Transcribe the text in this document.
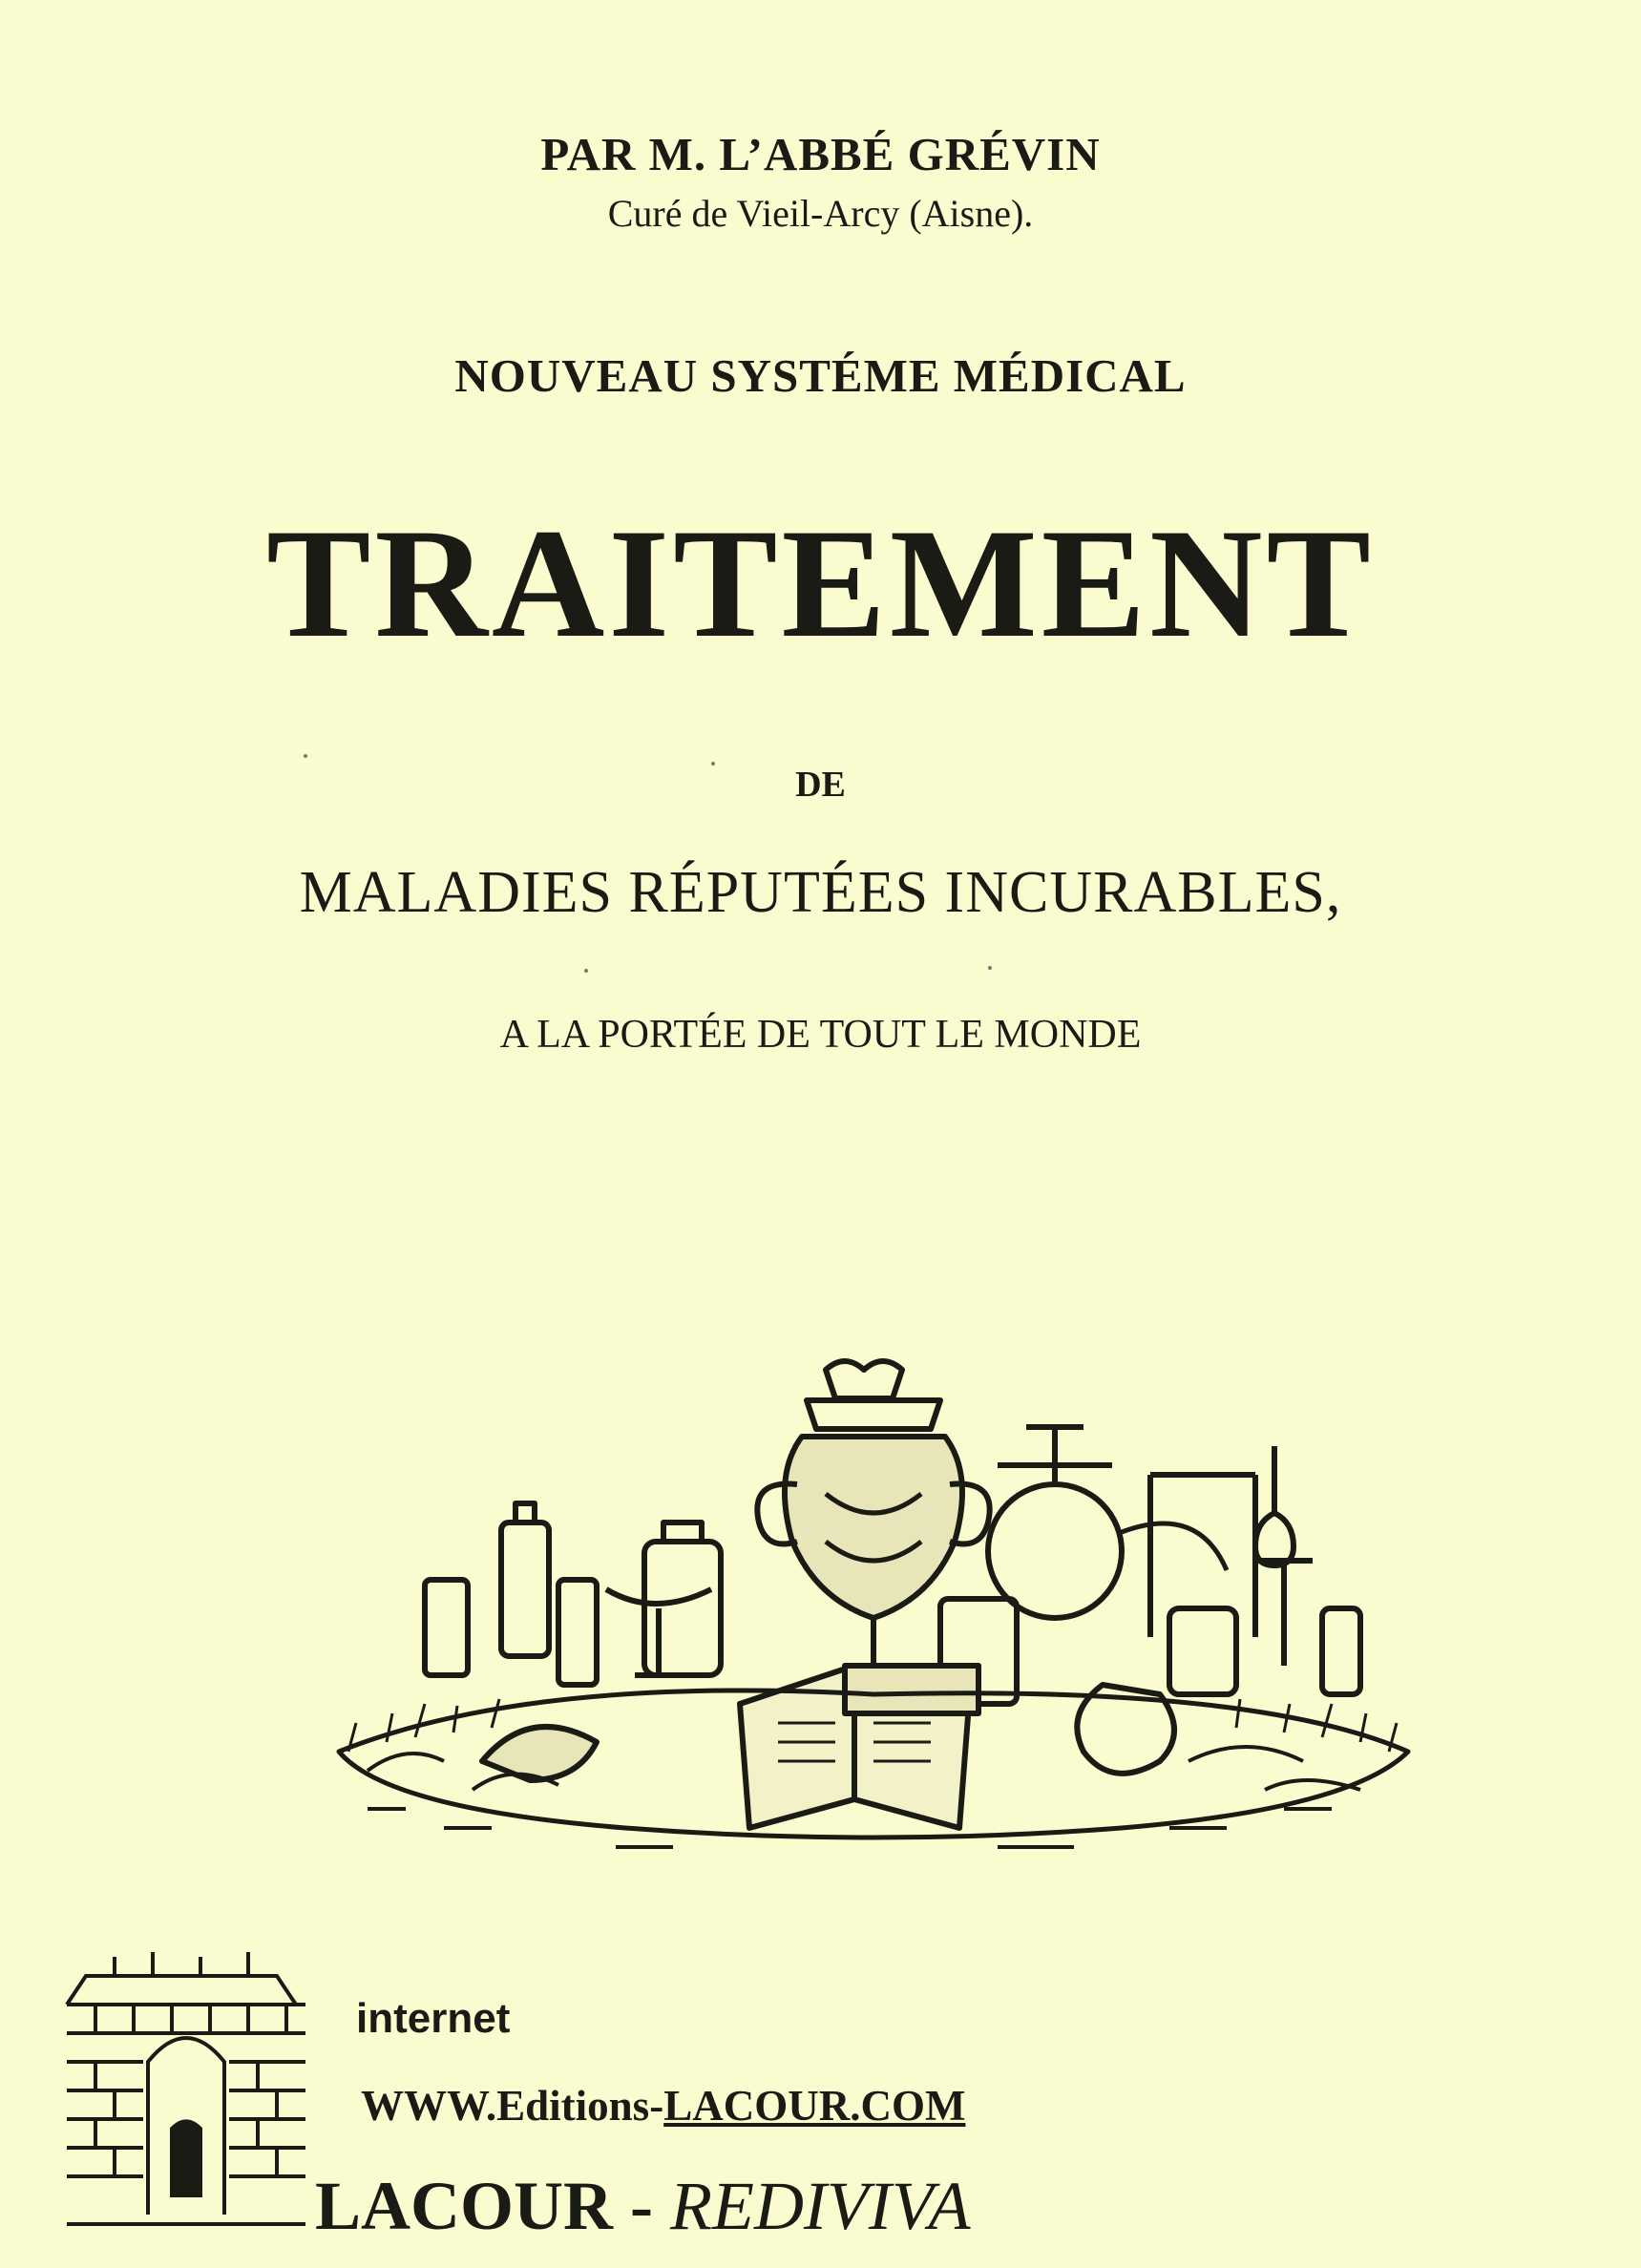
PAR M. L’ABBÉ GRÉVIN
Curé de Vieil-Arcy (Aisne).
NOUVEAU SYSTÉME MÉDICAL
TRAITEMENT
DE
MALADIES RÉPUTÉES INCURABLES,
A LA PORTÉE DE TOUT LE MONDE
internet
WWW.Editions-LACOUR.COM
LACOUR - REDIVIVA
